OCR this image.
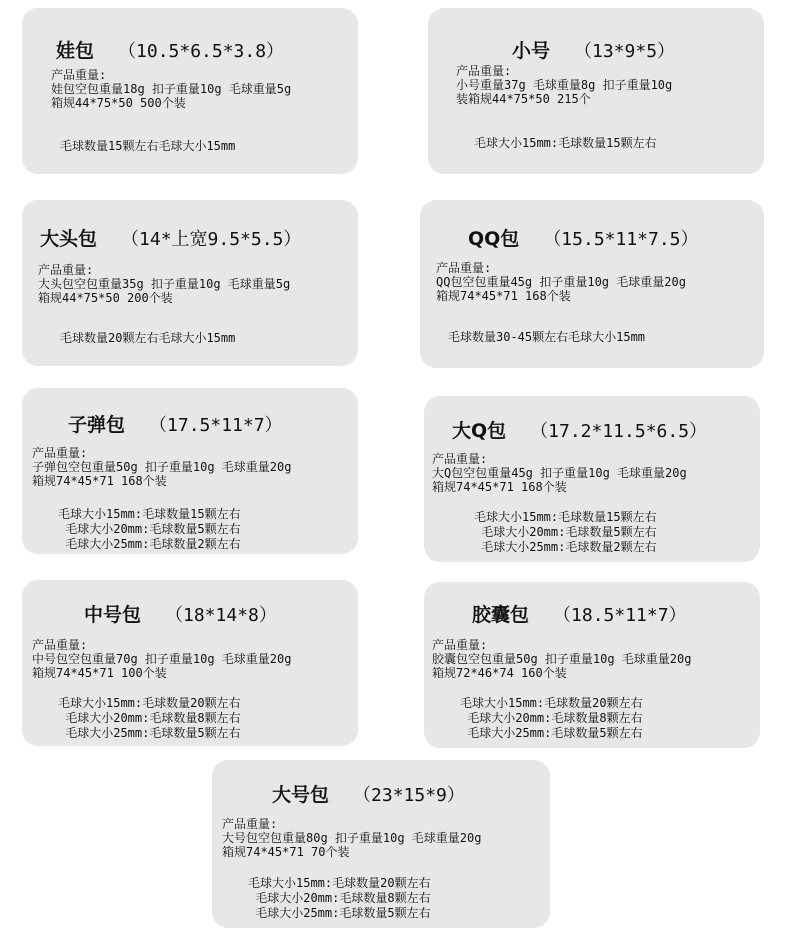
娃包 （10.5*6.5*3.8）
产品重量:
娃包空包重量18g 扣子重量10g 毛球重量5g
箱规44*75*50 500个装
毛球数量15颗左右毛球大小15mm
小号 （13*9*5）
产品重量:
小号重量37g 毛球重量8g 扣子重量10g
装箱规44*75*50 215个
毛球大小15mm:毛球数量15颗左右
大头包 （14*上宽9.5*5.5）
产品重量:
大头包空包重量35g 扣子重量10g 毛球重量5g
箱规44*75*50 200个装
毛球数量20颗左右毛球大小15mm
QQ包 （15.5*11*7.5）
产品重量:
QQ包空包重量45g 扣子重量10g 毛球重量20g
箱规74*45*71 168个装
毛球数量30-45颗左右毛球大小15mm
子弹包 （17.5*11*7）
产品重量:
子弹包空包重量50g 扣子重量10g 毛球重量20g
箱规74*45*71 168个装
毛球大小15mm:毛球数量15颗左右
毛球大小20mm:毛球数量5颗左右
毛球大小25mm:毛球数量2颗左右
大Q包 （17.2*11.5*6.5）
产品重量:
大Q包空包重量45g 扣子重量10g 毛球重量20g
箱规74*45*71 168个装
毛球大小15mm:毛球数量15颗左右
毛球大小20mm:毛球数量5颗左右
毛球大小25mm:毛球数量2颗左右
中号包 （18*14*8）
产品重量:
中号包空包重量70g 扣子重量10g 毛球重量20g
箱规74*45*71 100个装
毛球大小15mm:毛球数量20颗左右
毛球大小20mm:毛球数量8颗左右
毛球大小25mm:毛球数量5颗左右
胶囊包 （18.5*11*7）
产品重量:
胶囊包空包重量50g 扣子重量10g 毛球重量20g
箱规72*46*74 160个装
毛球大小15mm:毛球数量20颗左右
毛球大小20mm:毛球数量8颗左右
毛球大小25mm:毛球数量5颗左右
大号包 （23*15*9）
产品重量:
大号包空包重量80g 扣子重量10g 毛球重量20g
箱规74*45*71 70个装
毛球大小15mm:毛球数量20颗左右
毛球大小20mm:毛球数量8颗左右
毛球大小25mm:毛球数量5颗左右
